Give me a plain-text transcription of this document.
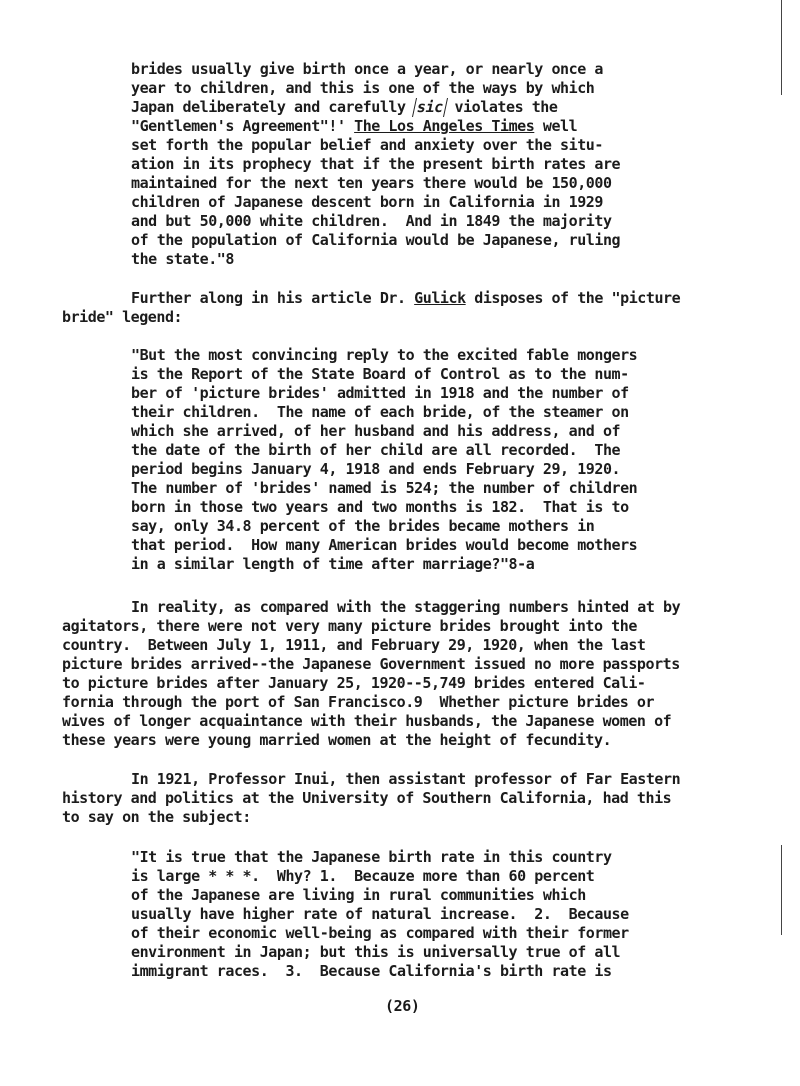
brides usually give birth once a year, or nearly once a
year to children, and this is one of the ways by which
Japan deliberately and carefully sic violates the
"Gentlemen's Agreement"!' The Los Angeles Times well
set forth the popular belief and anxiety over the situ-
ation in its prophecy that if the present birth rates are
maintained for the next ten years there would be 150,000
children of Japanese descent born in California in 1929
and but 50,000 white children.  And in 1849 the majority
of the population of California would be Japanese, ruling
the state."8
Further along in his article Dr. Gulick disposes of the "picture
bride" legend:
"But the most convincing reply to the excited fable mongers
is the Report of the State Board of Control as to the num-
ber of 'picture brides' admitted in 1918 and the number of
their children.  The name of each bride, of the steamer on
which she arrived, of her husband and his address, and of
the date of the birth of her child are all recorded.  The
period begins January 4, 1918 and ends February 29, 1920.
The number of 'brides' named is 524; the number of children
born in those two years and two months is 182.  That is to
say, only 34.8 percent of the brides became mothers in
that period.  How many American brides would become mothers
in a similar length of time after marriage?"8-a
In reality, as compared with the staggering numbers hinted at by
agitators, there were not very many picture brides brought into the
country.  Between July 1, 1911, and February 29, 1920, when the last
picture brides arrived--the Japanese Government issued no more passports
to picture brides after January 25, 1920--5,749 brides entered Cali-
fornia through the port of San Francisco.9  Whether picture brides or
wives of longer acquaintance with their husbands, the Japanese women of
these years were young married women at the height of fecundity.
In 1921, Professor Inui, then assistant professor of Far Eastern
history and politics at the University of Southern California, had this
to say on the subject:
"It is true that the Japanese birth rate in this country
is large * * *.  Why? 1.  Becauze more than 60 percent
of the Japanese are living in rural communities which
usually have higher rate of natural increase.  2.  Because
of their economic well-being as compared with their former
environment in Japan; but this is universally true of all
immigrant races.  3.  Because California's birth rate is
(26)
